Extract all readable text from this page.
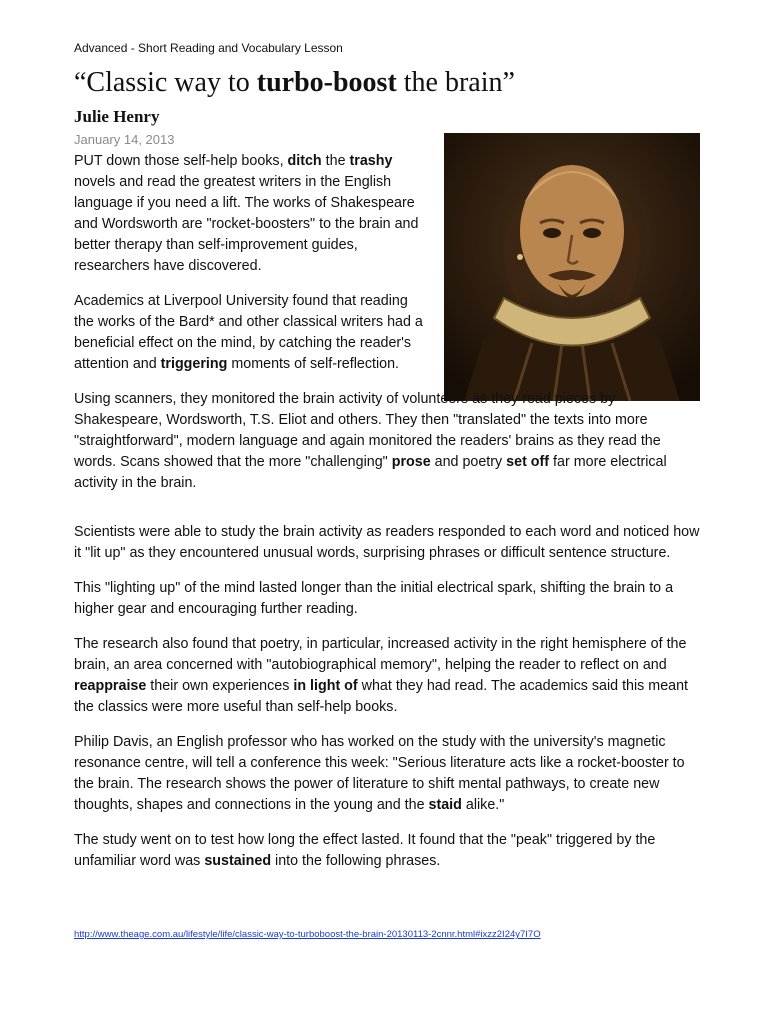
Advanced - Short Reading and Vocabulary Lesson
“Classic way to turbo-boost the brain”
Julie Henry
January 14, 2013

PUT down those self-help books, ditch the trashy novels and read the greatest writers in the English language if you need a lift. The works of Shakespeare and Wordsworth are "rocket-boosters" to the brain and better therapy than self-improvement guides, researchers have discovered.

Academics at Liverpool University found that reading the works of the Bard* and other classical writers had a beneficial effect on the mind, by catching the reader's attention and triggering moments of self-reflection.

Using scanners, they monitored the brain activity of volunteers as they read pieces by Shakespeare, Wordsworth, T.S. Eliot and others. They then "translated" the texts into more "straightforward", modern language and again monitored the readers' brains as they read the words. Scans showed that the more "challenging" prose and poetry set off far more electrical activity in the brain.

Scientists were able to study the brain activity as readers responded to each word and noticed how it "lit up" as they encountered unusual words, surprising phrases or difficult sentence structure.

This "lighting up" of the mind lasted longer than the initial electrical spark, shifting the brain to a higher gear and encouraging further reading.

The research also found that poetry, in particular, increased activity in the right hemisphere of the brain, an area concerned with "autobiographical memory", helping the reader to reflect on and reappraise their own experiences in light of what they had read. The academics said this meant the classics were more useful than self-help books.

Philip Davis, an English professor who has worked on the study with the university's magnetic resonance centre, will tell a conference this week: "Serious literature acts like a rocket-booster to the brain. The research shows the power of literature to shift mental pathways, to create new thoughts, shapes and connections in the young and the staid alike."

The study went on to test how long the effect lasted. It found that the "peak" triggered by the unfamiliar word was sustained into the following phrases.

http://www.theage.com.au/lifestyle/life/classic-way-to-turboboost-the-brain-20130113-2cnnr.html#ixzz2I24y7I7O
